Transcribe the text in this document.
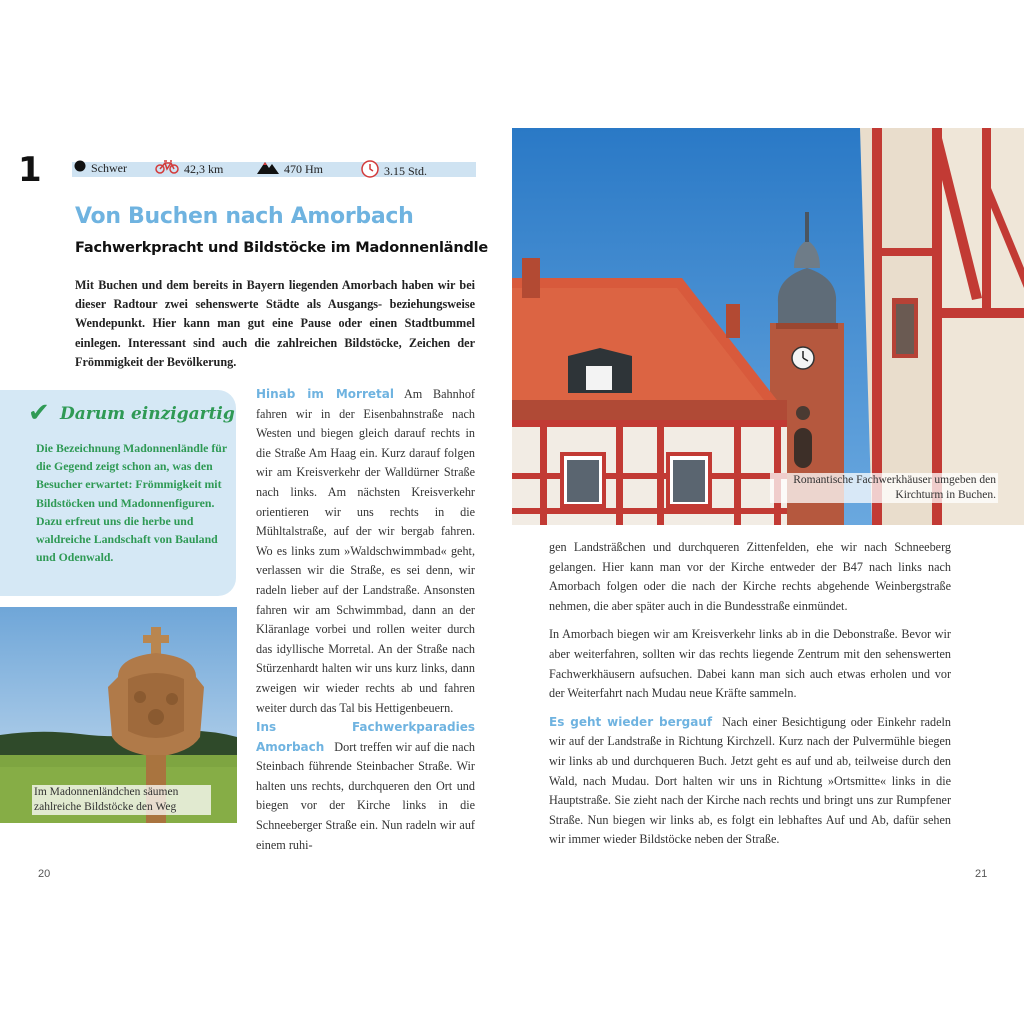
1	Schwer	42,3 km	470 Hm	3.15 Std.
Von Buchen nach Amorbach
Fachwerkpracht und Bildstöcke im Madonnenländle
Mit Buchen und dem bereits in Bayern liegenden Amorbach haben wir bei dieser Radtour zwei sehenswerte Städte als Ausgangs- beziehungsweise Wendepunkt. Hier kann man gut eine Pause oder einen Stadtbummel einlegen. Interessant sind auch die zahlreichen Bildstöcke, Zeichen der Frömmigkeit der Bevölkerung.
✔ Darum einzigartig
Die Bezeichnung Madonnenländle für die Gegend zeigt schon an, was den Besucher erwartet: Frömmigkeit mit Bildstöcken und Madonnenfiguren. Dazu erfreut uns die herbe und waldreiche Landschaft von Bauland und Odenwald.
Im Madonnenländchen säumen zahlreiche Bildstöcke den Weg
Romantische Fachwerkhäuser umgeben den Kirchturm in Buchen.

Hinab im Morretal Am Bahnhof fahren wir in der Eisenbahnstraße nach Westen und biegen gleich darauf rechts in die Straße Am Haag ein. Kurz darauf folgen wir am Kreisverkehr der Walldürner Straße nach links. Am nächsten Kreisverkehr orientieren wir uns rechts in die Mühltalstraße, auf der wir bergab fahren. Wo es links zum »Waldschwimmbad« geht, verlassen wir die Straße, es sei denn, wir radeln lieber auf der Landstraße. Ansonsten fahren wir am Schwimmbad, dann an der Kläranlage vorbei und rollen weiter durch das idyllische Morretal. An der Straße nach Stürzenhardt halten wir uns kurz links, dann zweigen wir wieder rechts ab und fahren weiter durch das Tal bis Hettigenbeuern.

Ins Fachwerkparadies Amorbach Dort treffen wir auf die nach Steinbach führende Steinbacher Straße. Wir halten uns rechts, durchqueren den Ort und biegen vor der Kirche links in die Schneeberger Straße ein. Nun radeln wir auf einem ruhi-

gen Landsträßchen und durchqueren Zittenfelden, ehe wir nach Schneeberg gelangen. Hier kann man vor der Kirche entweder der B47 nach links nach Amorbach folgen oder die nach der Kirche rechts abgehende Weinbergstraße nehmen, die aber später auch in die Bundesstraße einmündet.

In Amorbach biegen wir am Kreisverkehr links ab in die Debonstraße. Bevor wir aber weiterfahren, sollten wir das rechts liegende Zentrum mit den sehenswerten Fachwerkhäusern aufsuchen. Dabei kann man sich auch etwas erholen und vor der Weiterfahrt nach Mudau neue Kräfte sammeln.

Es geht wieder bergauf Nach einer Besichtigung oder Einkehr radeln wir auf der Landstraße in Richtung Kirchzell. Kurz nach der Pulvermühle biegen wir links ab und durchqueren Buch. Jetzt geht es auf und ab, teilweise durch den Wald, nach Mudau. Dort halten wir uns in Richtung »Ortsmitte« links in die Hauptstraße. Sie zieht nach der Kirche nach rechts und bringt uns zur Rumpfener Straße. Nun biegen wir links ab, es folgt ein lebhaftes Auf und Ab, dafür sehen wir immer wieder Bildstöcke neben der Straße.

20	21
